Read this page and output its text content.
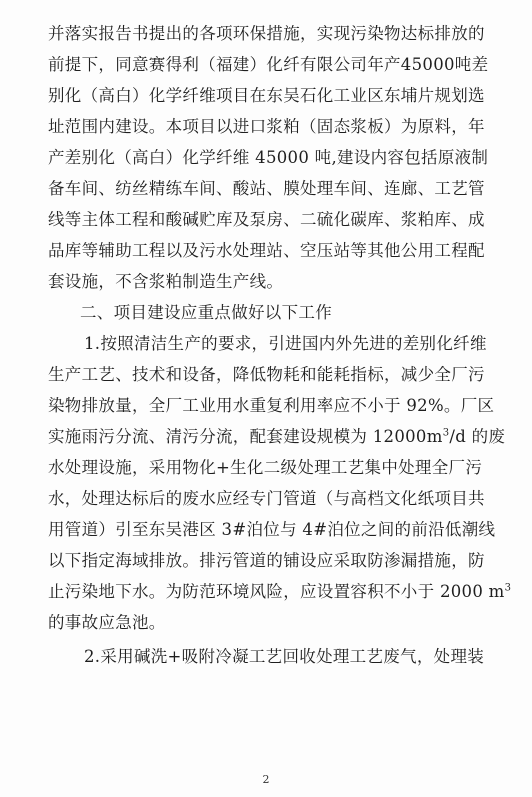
并落实报告书提出的各项环保措施，实现污染物达标排放的
前提下，同意赛得利（福建）化纤有限公司年产45000吨差
别化（高白）化学纤维项目在东吴石化工业区东埔片规划选
址范围内建设。本项目以进口浆粕（固态浆板）为原料，年
产差别化（高白）化学纤维 45000 吨,建设内容包括原液制
备车间、纺丝精练车间、酸站、膜处理车间、连廊、工艺管
线等主体工程和酸碱贮库及泵房、二硫化碳库、浆粕库、成
品库等辅助工程以及污水处理站、空压站等其他公用工程配
套设施，不含浆粕制造生产线。
二、项目建设应重点做好以下工作
1.按照清洁生产的要求，引进国内外先进的差别化纤维
生产工艺、技术和设备，降低物耗和能耗指标，减少全厂污
染物排放量，全厂工业用水重复利用率应不小于 92%。厂区
实施雨污分流、清污分流，配套建设规模为 $12000m^3/d$ 的废
水处理设施，采用物化+生化二级处理工艺集中处理全厂污
水，处理达标后的废水应经专门管道（与高档文化纸项目共
用管道）引至东吴港区 3#泊位与 4#泊位之间的前沿低潮线
以下指定海域排放。排污管道的铺设应采取防渗漏措施，防
止污染地下水。为防范环境风险，应设置容积不小于 2000 $m^3$
的事故应急池。
2.采用碱洗+吸附冷凝工艺回收处理工艺废气，处理装
2
